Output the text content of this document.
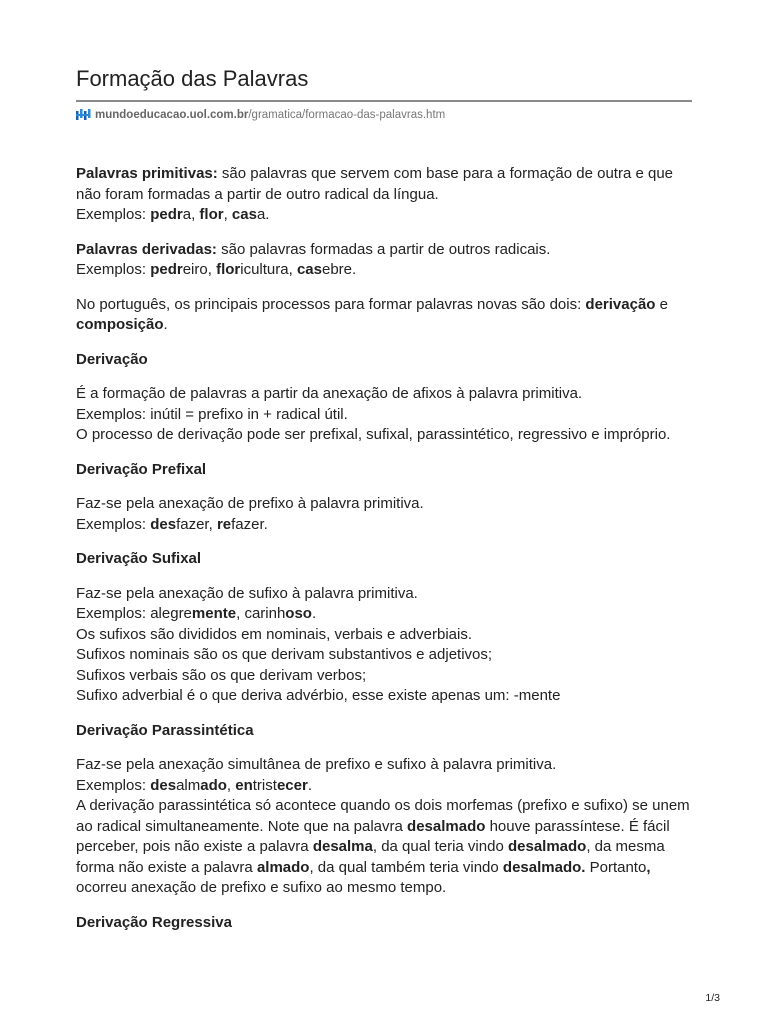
Formação das Palavras
mundoeducacao.uol.com.br /gramatica/formacao-das-palavras.htm

Palavras primitivas: são palavras que servem com base para a formação de outra e que não foram formadas a partir de outro radical da língua.
Exemplos: pedra, flor, casa.

Palavras derivadas: são palavras formadas a partir de outros radicais.
Exemplos: pedreiro, floricultura, casebre.

No português, os principais processos para formar palavras novas são dois: derivação e composição.

Derivação

É a formação de palavras a partir da anexação de afixos à palavra primitiva.
Exemplos: inútil = prefixo in + radical útil.
O processo de derivação pode ser prefixal, sufixal, parassintético, regressivo e impróprio.

Derivação Prefixal

Faz-se pela anexação de prefixo à palavra primitiva.
Exemplos: desfazer, refazer.

Derivação Sufixal

Faz-se pela anexação de sufixo à palavra primitiva.
Exemplos: alegremente, carinhoso.
Os sufixos são divididos em nominais, verbais e adverbiais.
Sufixos nominais são os que derivam substantivos e adjetivos;
Sufixos verbais são os que derivam verbos;
Sufixo adverbial é o que deriva advérbio, esse existe apenas um: -mente

Derivação Parassintética

Faz-se pela anexação simultânea de prefixo e sufixo à palavra primitiva.
Exemplos: desalmado, entristecer.
A derivação parassintética só acontece quando os dois morfemas (prefixo e sufixo) se unem ao radical simultaneamente. Note que na palavra desalmado houve parassíntese. É fácil perceber, pois não existe a palavra desalma, da qual teria vindo desalmado, da mesma forma não existe a palavra almado, da qual também teria vindo desalmado. Portanto, ocorreu anexação de prefixo e sufixo ao mesmo tempo.

Derivação Regressiva
1/3
